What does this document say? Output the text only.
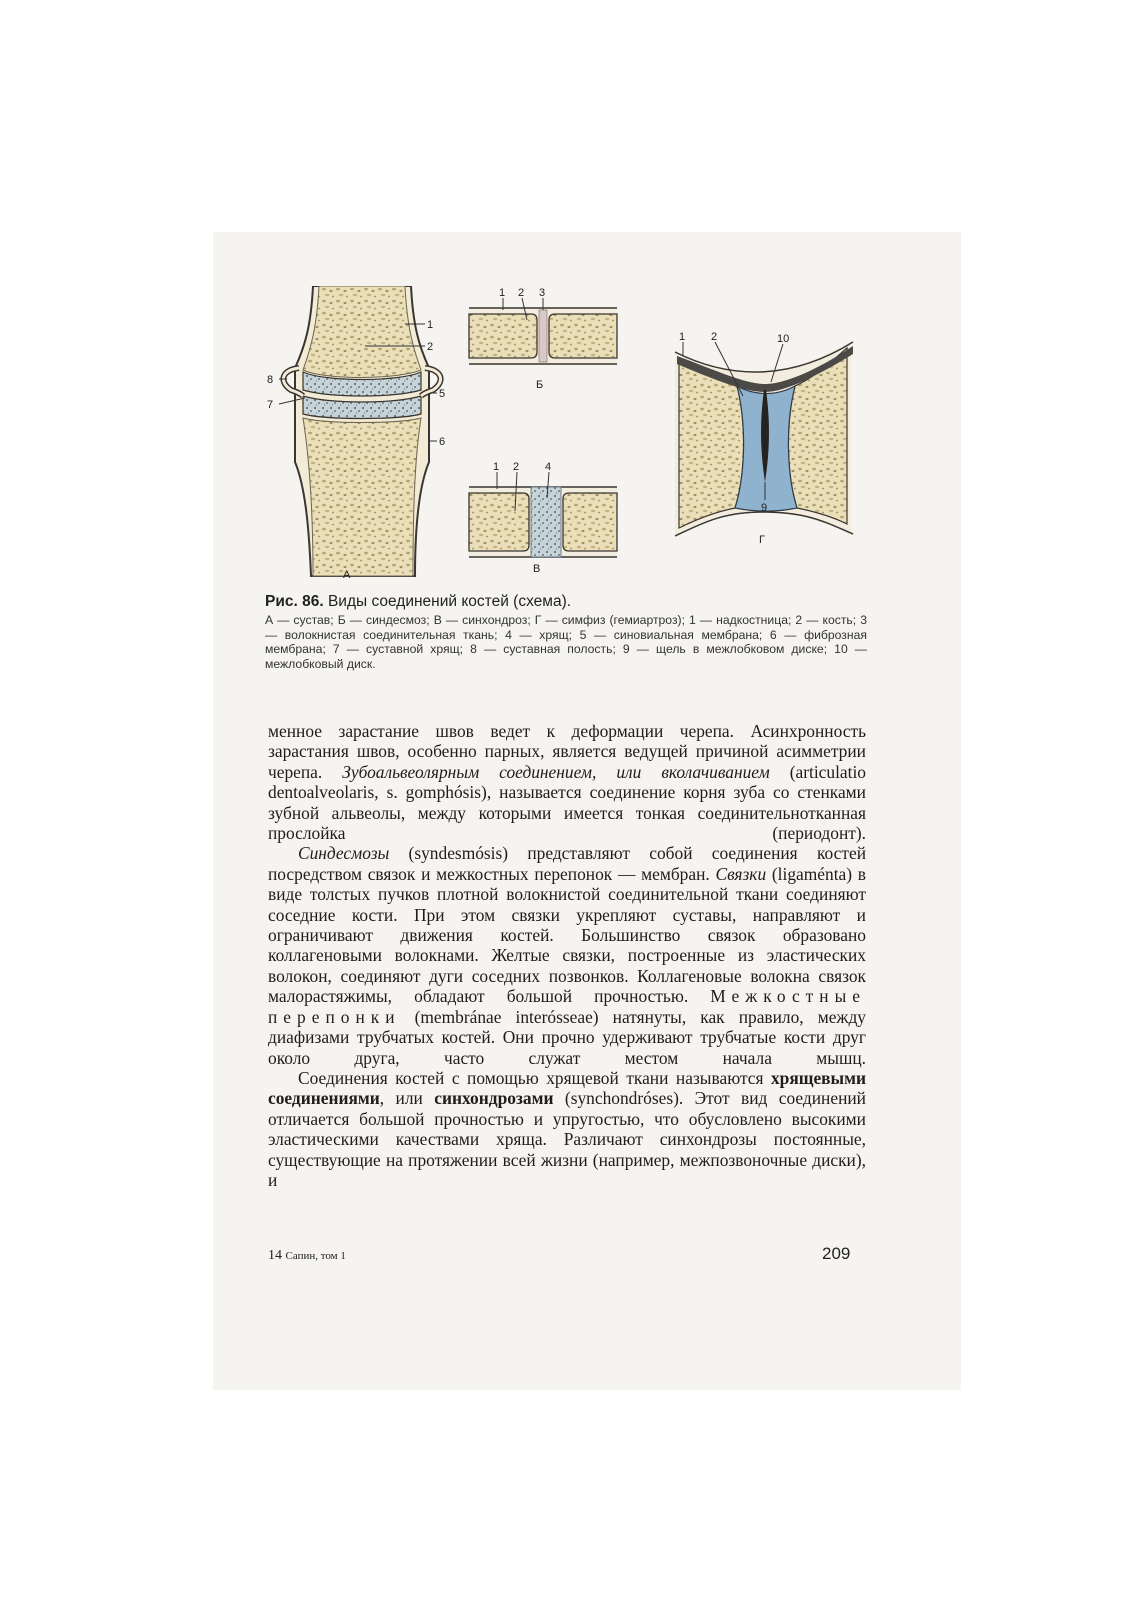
1
2
5
6
7
8
А
1 2 3
Б
1 2 4
В
1 2	10
9
Г
Рис. 86. Виды соединений костей (схема).
А — сустав; Б — синдесмоз; В — синхондроз; Г — симфиз (гемиартроз); 1 — надкостница; 2 — кость; 3 — волокнистая соединительная ткань; 4 — хрящ; 5 — синовиальная мембрана; 6 — фиброзная мембрана; 7 — суставной хрящ; 8 — суставная полость; 9 — щель в межлобковом диске; 10 — межлобковый диск.

менное зарастание швов ведет к деформации черепа. Асинхронность зарастания швов, особенно парных, является ведущей причиной асимметрии черепа. Зубоальвеолярным соединением, или вколачиванием (articulatio dentoalveolaris, s. gomphósis), называется соединение корня зуба со стенками зубной альвеолы, между которыми имеется тонкая соединительнотканная прослойка (периодонт).

Синдесмозы (syndesmósis) представляют собой соединения костей посредством связок и межкостных перепонок — мембран. Связки (ligaménta) в виде толстых пучков плотной волокнистой соединительной ткани соединяют соседние кости. При этом связки укрепляют суставы, направляют и ограничивают движения костей. Большинство связок образовано коллагеновыми волокнами. Желтые связки, построенные из эластических волокон, соединяют дуги соседних позвонков. Коллагеновые волокна связок малорастяжимы, обладают большой прочностью. Межкостные перепонки (membránae interósseae) натянуты, как правило, между диафизами трубчатых костей. Они прочно удерживают трубчатые кости друг около друга, часто служат местом начала мышц.

Соединения костей с помощью хрящевой ткани называются хрящевыми соединениями, или синхондрозами (synchondróses). Этот вид соединений отличается большой прочностью и упругостью, что обусловлено высокими эластическими качествами хряща. Различают синхондрозы постоянные, существующие на протяжении всей жизни (например, межпозвоночные диски), и

14 Сапин, том 1	209
